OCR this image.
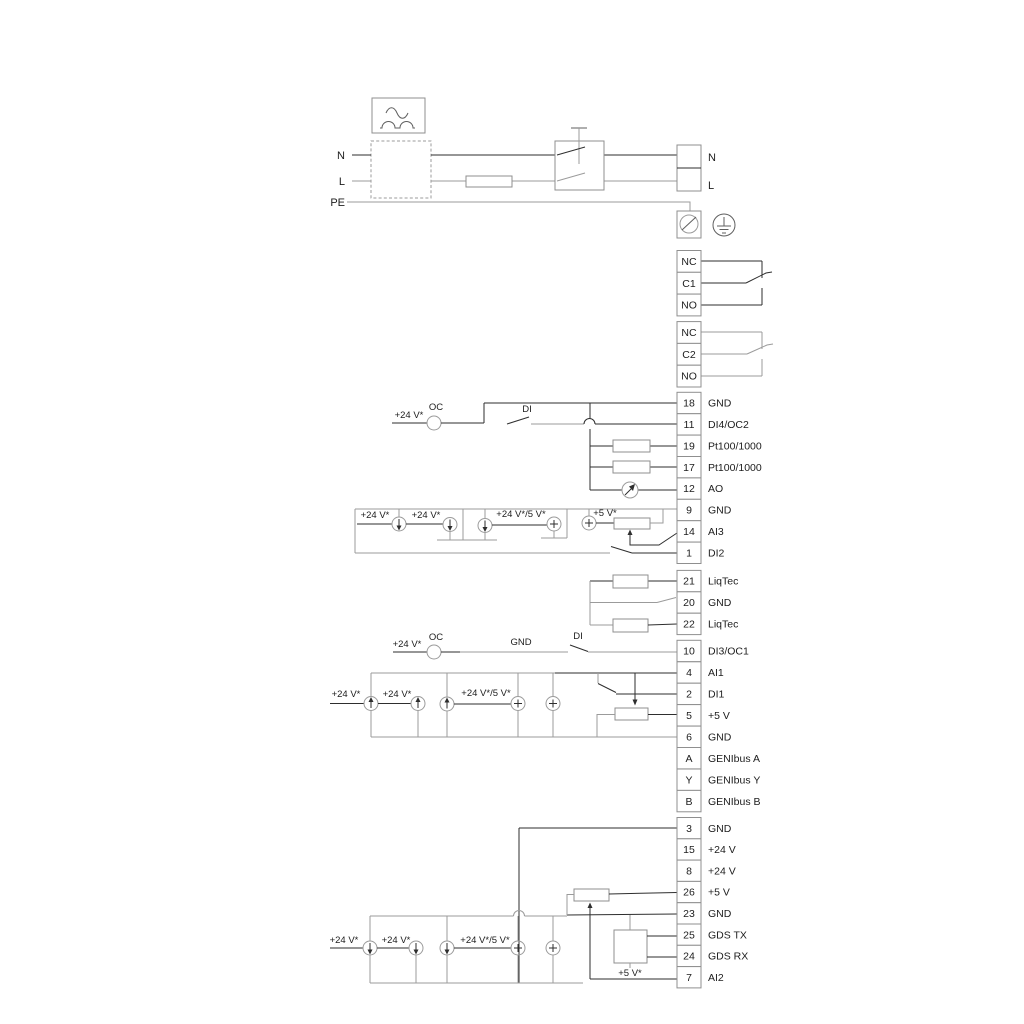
N
L
PE
N
L
+24 V*
OC	DI
+24 V* +24 V*	+24 V*/5 V*	+5 V*
+24 V*
OC	GND
DI
+24 V* +24 V*	+24 V*/5 V*
+24 V* +24 V*	+24 V*/5 V*
+5 V*
NC
C1
NO
NC
C2
NO
18 GND
11 DI4/OC2
19 Pt100/1000
17 Pt100/1000
12 AO
9 GND
14 AI3
1 DI2
21 LiqTec
20 GND
22 LiqTec
10 DI3/OC1
4 AI1
2 DI1
5 +5 V
6 GND
A GENIbus A
Y GENIbus Y
B GENIbus B
3 GND
15 +24 V
8 +24 V
26 +5 V
23 GND
25 GDS TX
24 GDS RX
7 AI2
